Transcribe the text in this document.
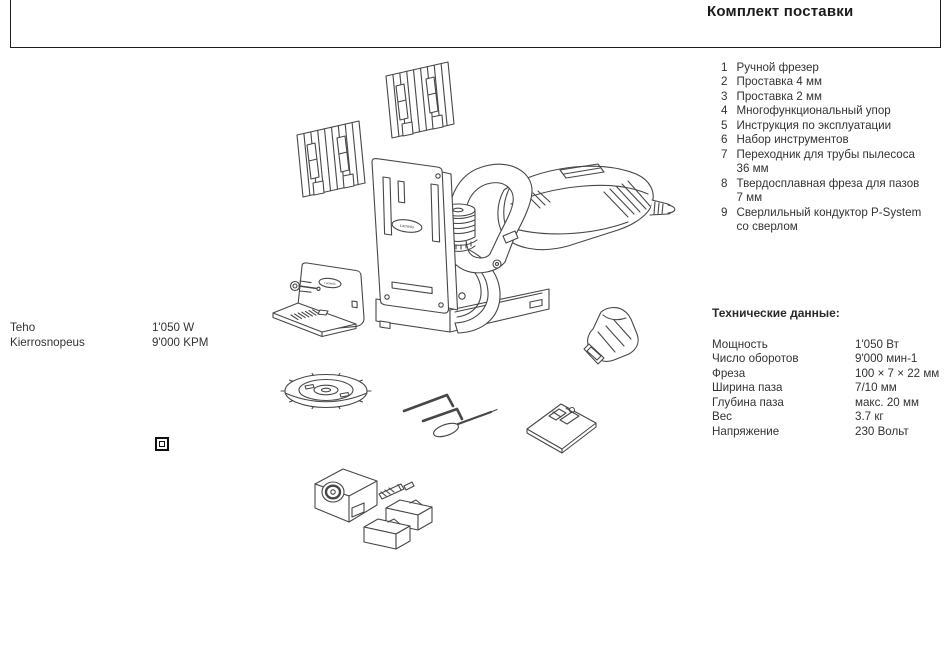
Lamello
Lamello
Комплект поставки
1 Ручной фрезер
2 Проставка 4 мм
3 Проставка 2 мм
4 Многофункциональный упор
5 Инструкция по эксплуатации
6 Набор инструментов
7 Переходник для трубы пылесоса
36 мм
8 Твердосплавная фреза для пазов
7 мм
9 Сверлильный кондуктор P-System
со сверлом
Технические данные:
Мощность	1'050 Вт
Число оборотов	9'000 мин-1
Фреза	100 × 7 × 22 мм
Ширина паза	7/10 мм
Глубина паза	макс. 20 мм
Вес	3.7 кг
Напряжение	230 Вольт
Teho	1'050 W
Kierrosnopeus	9'000 KPM
